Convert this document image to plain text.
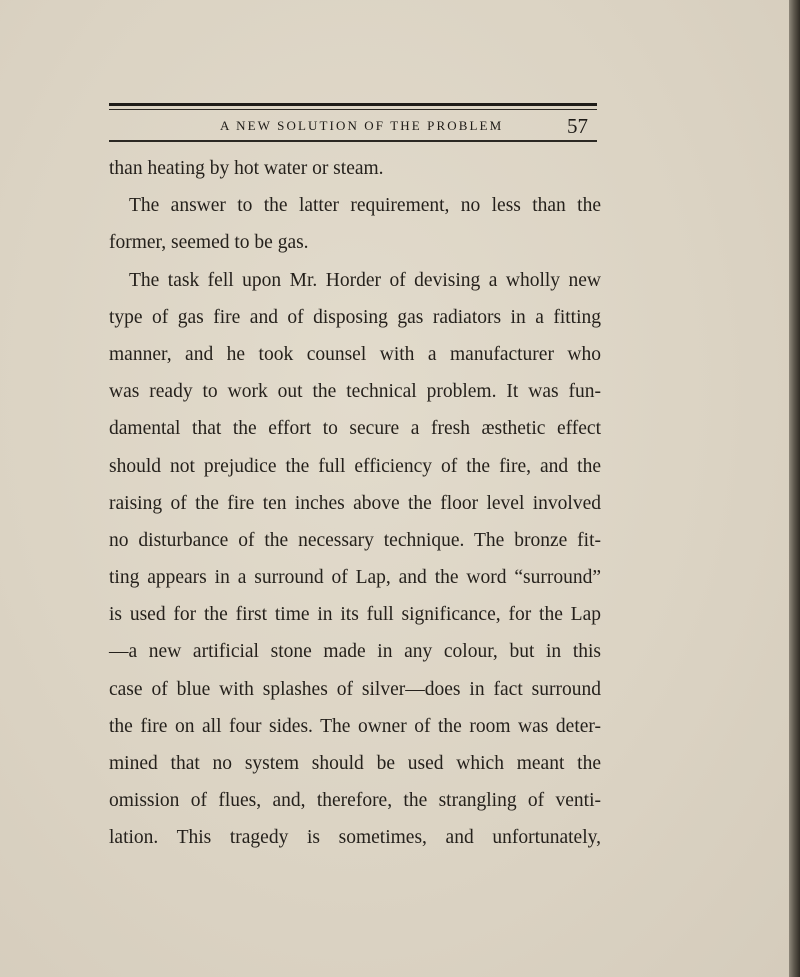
A NEW SOLUTION OF THE PROBLEM	57
than heating by hot water or steam.
The answer to the latter requirement, no less than the
former, seemed to be gas.
The task fell upon Mr. Horder of devising a wholly new
type of gas fire and of disposing gas radiators in a fitting
manner, and he took counsel with a manufacturer who
was ready to work out the technical problem. It was fun-
damental that the effort to secure a fresh æsthetic effect
should not prejudice the full efficiency of the fire, and the
raising of the fire ten inches above the floor level involved
no disturbance of the necessary technique. The bronze fit-
ting appears in a surround of Lap, and the word “surround”
is used for the first time in its full significance, for the Lap
—a new artificial stone made in any colour, but in this
case of blue with splashes of silver—does in fact surround
the fire on all four sides. The owner of the room was deter-
mined that no system should be used which meant the
omission of flues, and, therefore, the strangling of venti-
lation. This tragedy is sometimes, and unfortunately,
